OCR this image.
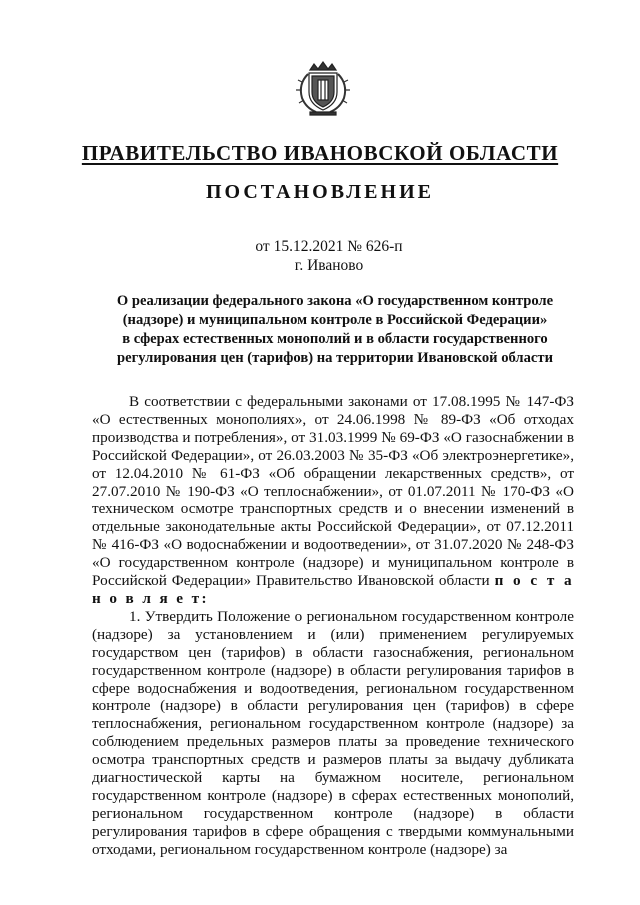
ПРАВИТЕЛЬСТВО ИВАНОВСКОЙ ОБЛАСТИ
ПОСТАНОВЛЕНИЕ
от 15.12.2021 № 626-п
г. Иваново
О реализации федерального закона «О государственном контроле
(надзоре) и муниципальном контроле в Российской Федерации»
в сферах естественных монополий и в области государственного
регулирования цен (тарифов) на территории Ивановской области

В соответствии с федеральными законами от 17.08.1995 № 147-ФЗ «О естественных монополиях», от 24.06.1998 № 89-ФЗ «Об отходах производства и потребления», от 31.03.1999 № 69-ФЗ «О газоснабжении в Российской Федерации», от 26.03.2003 № 35-ФЗ «Об электроэнергетике», от 12.04.2010 № 61-ФЗ «Об обращении лекарственных средств», от 27.07.2010 № 190-ФЗ «О теплоснабжении», от 01.07.2011 № 170-ФЗ «О техническом осмотре транспортных средств и о внесении изменений в отдельные законодательные акты Российской Федерации», от 07.12.2011 № 416-ФЗ «О водоснабжении и водоотведении», от 31.07.2020 № 248-ФЗ «О государственном контроле (надзоре) и муниципальном контроле в Российской Федерации» Правительство Ивановской области п о с т а н о в л я е т:

1. Утвердить Положение о региональном государственном контроле (надзоре) за установлением и (или) применением регулируемых государством цен (тарифов) в области газоснабжения, региональном государственном контроле (надзоре) в области регулирования тарифов в сфере водоснабжения и водоотведения, региональном государственном контроле (надзоре) в области регулирования цен (тарифов) в сфере теплоснабжения, региональном государственном контроле (надзоре) за соблюдением предельных размеров платы за проведение технического осмотра транспортных средств и размеров платы за выдачу дубликата диагностической карты на бумажном носителе, региональном государственном контроле (надзоре) в сферах естественных монополий, региональном государственном контроле (надзоре) в области регулирования тарифов в сфере обращения с твердыми коммунальными отходами, региональном государственном контроле (надзоре) за
